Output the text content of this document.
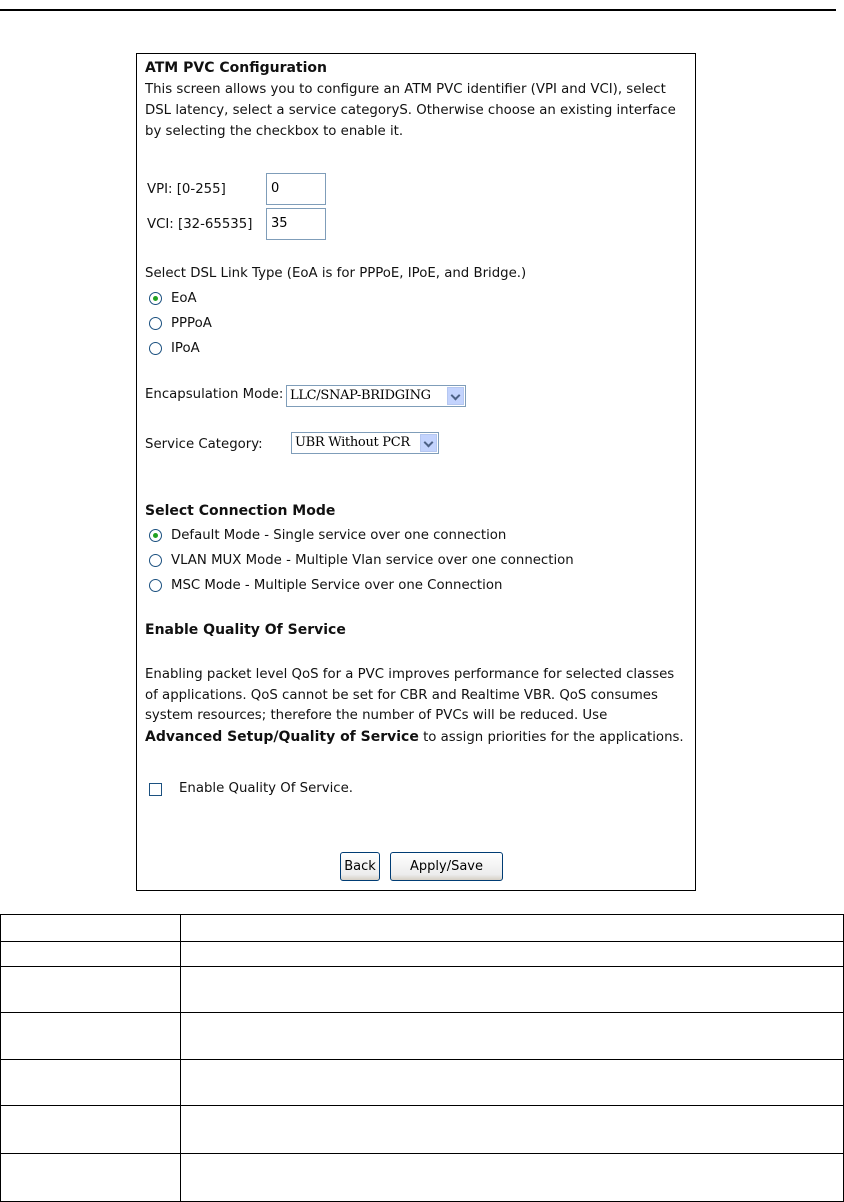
ATM PVC Configuration
This screen allows you to configure an ATM PVC identifier (VPI and VCI), select
DSL latency, select a service categoryS. Otherwise choose an existing interface
by selecting the checkbox to enable it.
VPI: [0-255]	0
VCI: [32-65535]	35
Select DSL Link Type (EoA is for PPPoE, IPoE, and Bridge.)
EoA
PPPoA
IPoA
Encapsulation Mode: LLC/SNAP-BRIDGING
Service Category: UBR Without PCR
Select Connection Mode
Default Mode - Single service over one connection
VLAN MUX Mode - Multiple Vlan service over one connection
MSC Mode - Multiple Service over one Connection
Enable Quality Of Service
Enabling packet level QoS for a PVC improves performance for selected classes
of applications. QoS cannot be set for CBR and Realtime VBR. QoS consumes
system resources; therefore the number of PVCs will be reduced. Use
Advanced Setup/Quality of Service to assign priorities for the applications.
Enable Quality Of Service.
Back	Apply/Save
